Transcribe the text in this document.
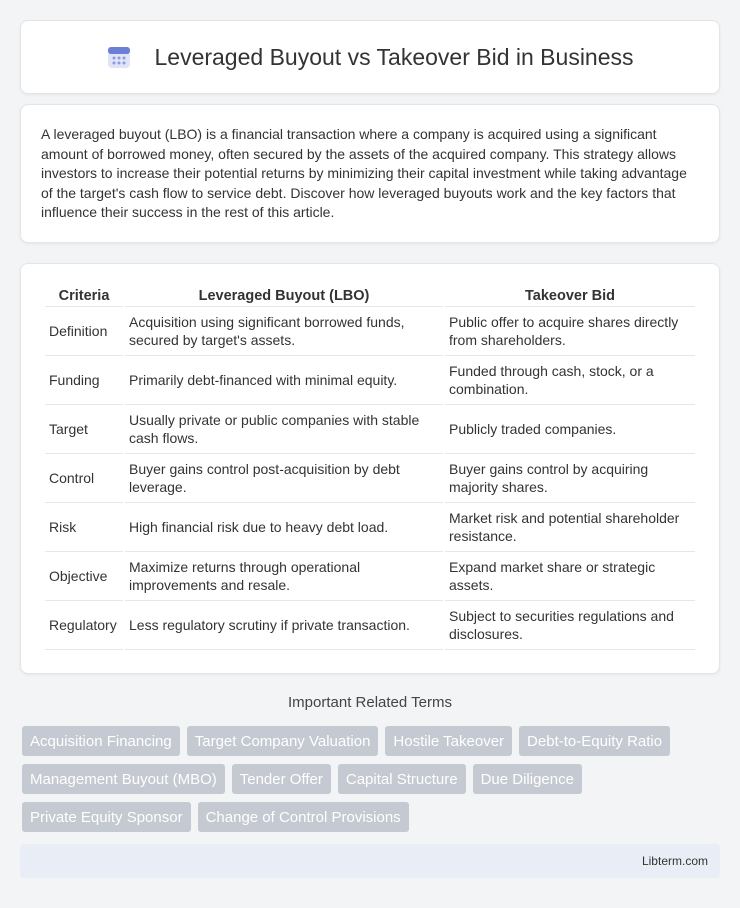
Leveraged Buyout vs Takeover Bid in Business

A leveraged buyout (LBO) is a financial transaction where a company is acquired using a significant amount of borrowed money, often secured by the assets of the acquired company. This strategy allows investors to increase their potential returns by minimizing their capital investment while taking advantage of the target's cash flow to service debt. Discover how leveraged buyouts work and the key factors that influence their success in the rest of this article.

Criteria	Leveraged Buyout (LBO)	Takeover Bid
Definition	Acquisition using significant borrowed funds, secured by target's assets.	Public offer to acquire shares directly from shareholders.
Funding	Primarily debt-financed with minimal equity.	Funded through cash, stock, or a combination.
Target	Usually private or public companies with stable cash flows.	Publicly traded companies.
Control	Buyer gains control post-acquisition by debt leverage.	Buyer gains control by acquiring majority shares.
Risk	High financial risk due to heavy debt load.	Market risk and potential shareholder resistance.
Objective	Maximize returns through operational improvements and resale.	Expand market share or strategic assets.
Regulatory	Less regulatory scrutiny if private transaction.	Subject to securities regulations and disclosures.
Important Related Terms
Acquisition Financing	Target Company Valuation	Hostile Takeover	Debt-to-Equity Ratio
Management Buyout (MBO)	Tender Offer	Capital Structure	Due Diligence
Private Equity Sponsor	Change of Control Provisions
Libterm.com
